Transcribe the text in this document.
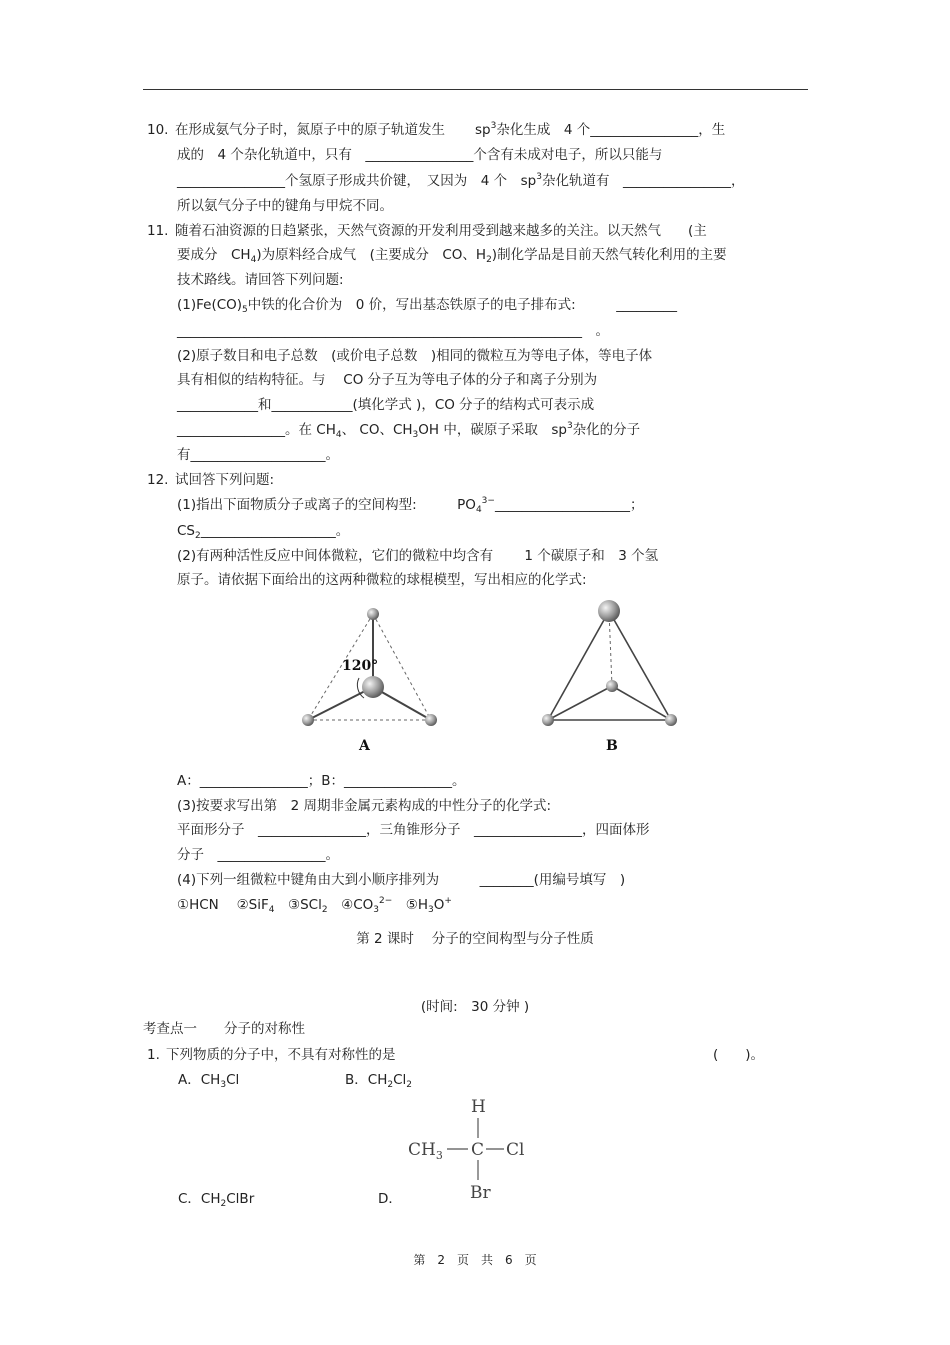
10. 在形成氨气分子时，氮原子中的原子轨道发生 $sp^3$杂化生成　4 个________________，生
成的　4 个杂化轨道中，只有　________________个含有未成对电子，所以只能与
________________个氢原子形成共价键，　又因为　4 个　$sp^3$杂化轨道有　________________，
所以氨气分子中的键角与甲烷不同。
11. 随着石油资源的日趋紧张，天然气资源的开发利用受到越来越多的关注。以天然气　　(主
要成分　$CH_4$)为原料经合成气　(主要成分　CO、$H_2$)制化学品是目前天然气转化利用的主要
技术路线。请回答下列问题:
$(1)Fe(CO)_5$中铁的化合价为　0 价，写出基态铁原子的电子排布式:　　　_________
____________________________________________________________　。
(2)原子数目和电子总数　(或价电子总数　)相同的微粒互为等电子体，等电子体
具有相似的结构特征。与　 CO 分子互为等电子体的分子和离子分别为
____________和____________(填化学式 )，CO 分子的结构式可表示成
________________。在 $CH_4$、 CO、$CH_3OH$ 中，碳原子采取　$sp^3$杂化的分子
有____________________。
12. 试回答下列问题:
(1)指出下面物质分子或离子的空间构型:　　　$PO_4^{3-}\_\_\_\_\_\_\_\_\_\_\_\_\_\_\_\_\_\_\_\_$；
$CS_2\_\_\_\_\_\_\_\_\_\_\_\_\_\_\_\_\_\_\_\_$。
(2)有两种活性反应中间体微粒，它们的微粒中均含有　　 1 个碳原子和　3 个氢
原子。请依据下面给出的这两种微粒的球棍模型，写出相应的化学式:
120°
A	B
A：________________；B：________________。
(3)按要求写出第　2 周期非金属元素构成的中性分子的化学式:
平面形分子　________________，三角锥形分子　________________，四面体形
分子　________________。
(4)下列一组微粒中键角由大到小顺序排列为　　　________(用编号填写　)
①HCN　 ②SiF$_4$　③SCl$_2$　$④CO_3^{2-}$　$⑤H_3O^+$
第 2 课时　 分子的空间构型与分子性质
(时间:　30 分钟 )
考查点一　　分子的对称性
1. 下列物质的分子中，不具有对称性的是	(　　)。
A．$CH_3Cl$	B．$CH_2Cl_2$
H
$CH_3$ C Cl
Br
C．$CH_2ClBr$	D．
第　2　页　共　6　页
